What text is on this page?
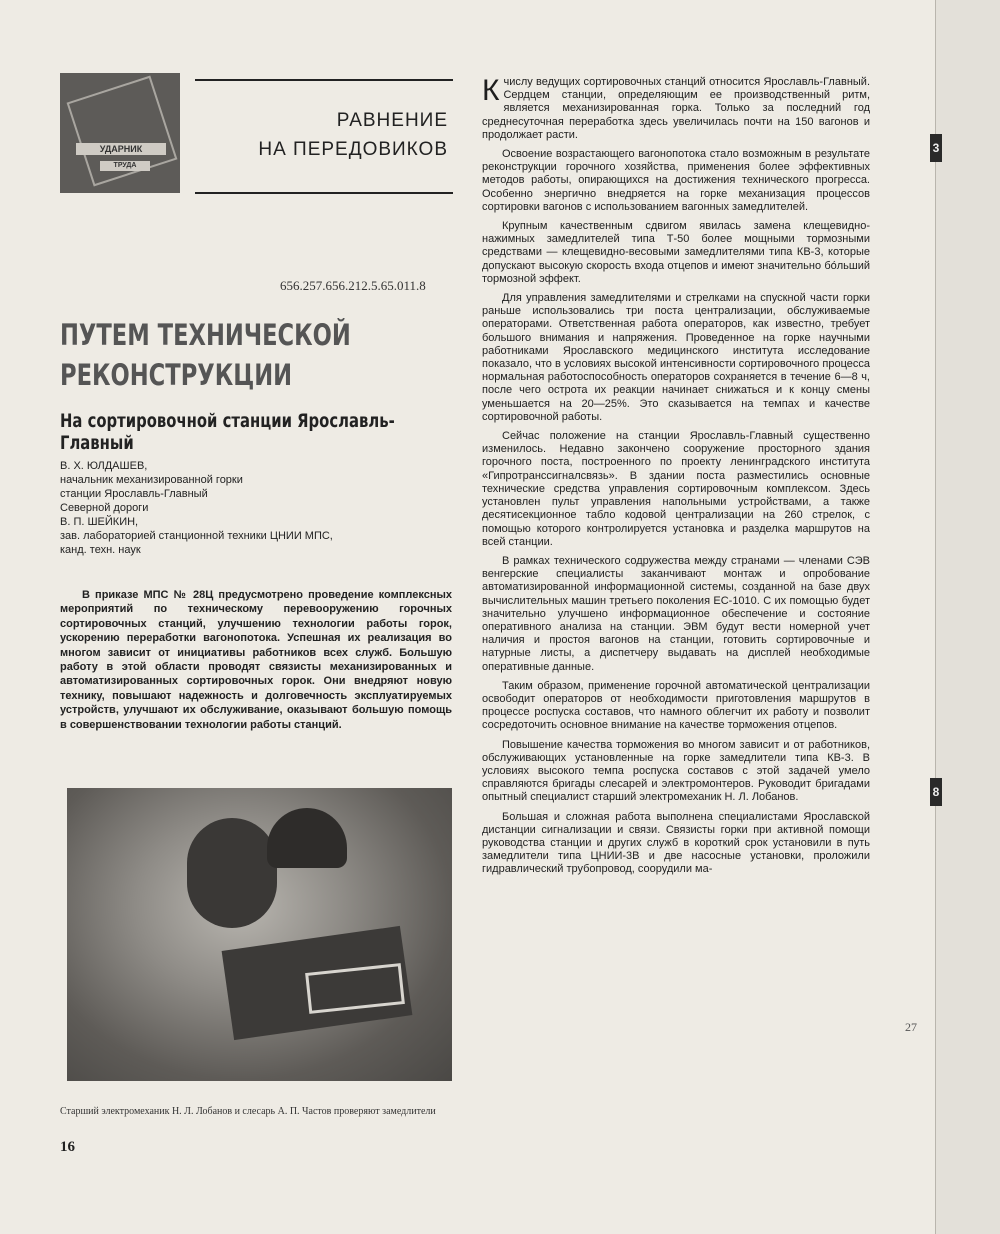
УДАРНИК
ТРУДА
РАВНЕНИЕ
НА ПЕРЕДОВИКОВ
656.257.656.212.5.65.011.8
ПУТЕМ ТЕХНИЧЕСКОЙ
РЕКОНСТРУКЦИИ
На сортировочной станции Ярославль-Главный
В. Х. ЮЛДАШЕВ,
начальник механизированной горки
станции Ярославль-Главный
Северной дороги
В. П. ШЕЙКИН,
зав. лабораторией станционной техники ЦНИИ МПС,
канд. техн. наук

В приказе МПС № 28Ц предусмотрено проведение комплексных мероприятий по техническому перевооружению горочных сортировочных станций, улучшению технологии работы горок, ускорению переработки вагонопотока. Успешная их реализация во многом зависит от инициативы работников всех служб. Большую работу в этой области проводят связисты механизированных и автоматизированных сортировочных горок. Они внедряют новую технику, повышают надежность и долговечность эксплуатируемых устройств, улучшают их обслуживание, оказывают большую помощь в совершенствовании технологии работы станций.

Старший электромеханик Н. Л. Лобанов и слесарь А. П. Частов проверяют замедлители
16

Кчислу ведущих сортировочных станций относится Ярославль-Главный. Сердцем станции, определяющим ее производственный ритм, является механизированная горка. Только за последний год среднесуточная переработка здесь увеличилась почти на 150 вагонов и продолжает расти.

Освоение возрастающего вагонопотока стало возможным в результате реконструкции горочного хозяйства, применения более эффективных методов работы, опирающихся на достижения технического прогресса. Особенно энергично внедряется на горке механизация процессов сортировки вагонов с использованием вагонных замедлителей.

Крупным качественным сдвигом явилась замена клещевидно-нажимных замедлителей типа Т-50 более мощными тормозными средствами — клещевидно-весовыми замедлителями типа КВ-3, которые допускают высокую скорость входа отцепов и имеют значительно бо́льший тормозной эффект.

Для управления замедлителями и стрелками на спускной части горки раньше использовались три поста централизации, обслуживаемые операторами. Ответственная работа операторов, как известно, требует большого внимания и напряжения. Проведенное на горке научными работниками Ярославского медицинского института исследование показало, что в условиях высокой интенсивности сортировочного процесса нормальная работоспособность операторов сохраняется в течение 6—8 ч, после чего острота их реакции начинает снижаться и к концу смены уменьшается на 20—25%. Это сказывается на темпах и качестве сортировочной работы.

Сейчас положение на станции Ярославль-Главный существенно изменилось. Недавно закончено сооружение просторного здания горочного поста, построенного по проекту ленинградского института «Гипротранссигналсвязь». В здании поста разместились основные технические средства управления сортировочным комплексом. Здесь установлен пульт управления напольными устройствами, а также десятисекционное табло кодовой централизации на 260 стрелок, с помощью которого контролируется установка и разделка маршрутов на всей станции.

В рамках технического содружества между странами — членами СЭВ венгерские специалисты заканчивают монтаж и опробование автоматизированной информационной системы, созданной на базе двух вычислительных машин третьего поколения ЕС-1010. С их помощью будет значительно улучшено информационное обеспечение и состояние оперативного анализа на станции. ЭВМ будут вести номерной учет наличия и простоя вагонов на станции, готовить сортировочные и натурные листы, а диспетчеру выдавать на дисплей необходимые оперативные данные.

Таким образом, применение горочной автоматической централизации освободит операторов от необходимости приготовления маршрутов в процессе роспуска составов, что намного облегчит их работу и позволит сосредоточить основное внимание на качестве торможения отцепов.

Повышение качества торможения во многом зависит и от работников, обслуживающих установленные на горке замедлители типа КВ-3. В условиях высокого темпа роспуска составов с этой задачей умело справляются бригады слесарей и электромонтеров. Руководит бригадами опытный специалист старший электромеханик Н. Л. Лобанов.

Большая и сложная работа выполнена специалистами Ярославской дистанции сигнализации и связи. Связисты горки при активной помощи руководства станции и других служб в короткий срок установили в путь замедлители типа ЦНИИ-3В и две насосные установки, проложили гидравлический трубопровод, соорудили ма-

3
8
27
